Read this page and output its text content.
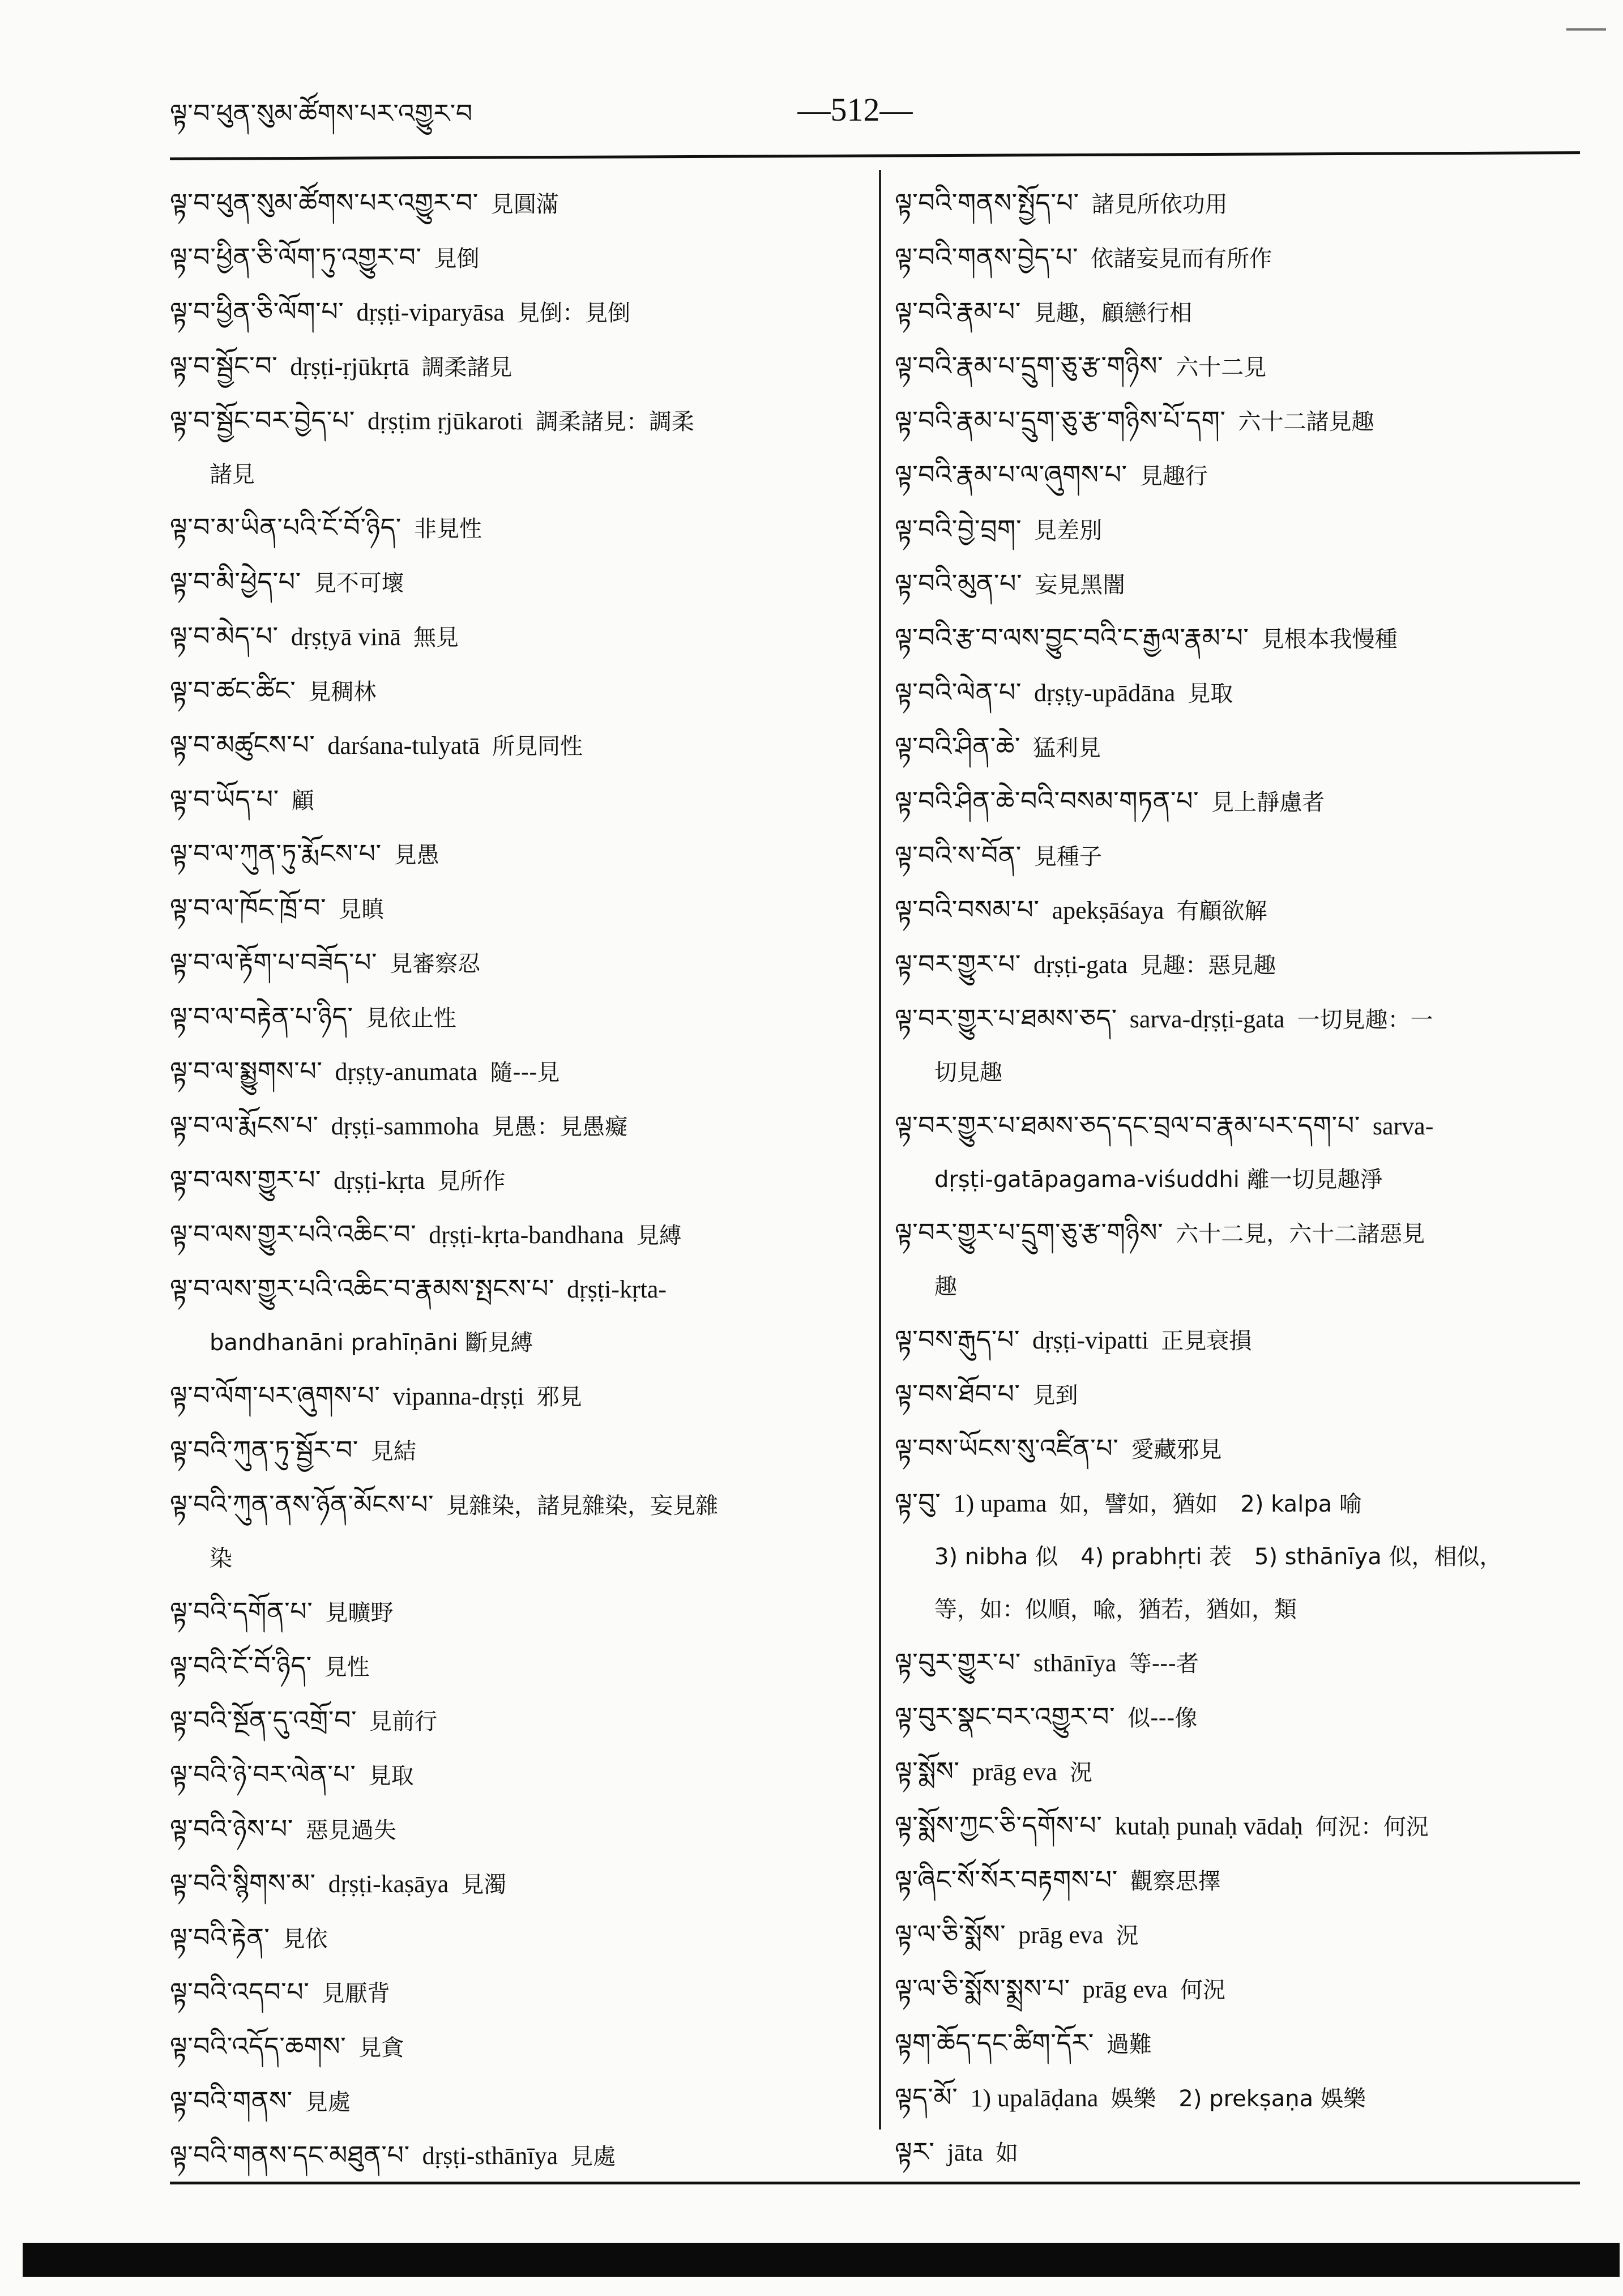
ལྟ་བ་ཕུན་སུམ་ཚོགས་པར་འགྱུར་བ	—512—
ལྟ་བ་ཕུན་སུམ་ཚོགས་པར་འགྱུར་བ་ 見圓滿
ལྟ་བ་ཕྱིན་ཅི་ལོག་ཏུ་འགྱུར་བ་ 見倒
ལྟ་བ་ཕྱིན་ཅི་ལོག་པ་ dṛṣṭi-viparyāsa 見倒：見倒
ལྟ་བ་སྦྱོང་བ་ dṛṣṭi-ṛjūkṛtā 調柔諸見
ལྟ་བ་སྦྱོང་བར་བྱེད་པ་ dṛṣṭim ṛjūkaroti 調柔諸見：調柔
諸見
ལྟ་བ་མ་ཡིན་པའི་ངོ་བོ་ཉིད་ 非見性
ལྟ་བ་མི་ཕྱེད་པ་ 見不可壞
ལྟ་བ་མེད་པ་ dṛṣṭyā vinā 無見
ལྟ་བ་ཚང་ཚིང་ 見稠林
ལྟ་བ་མཚུངས་པ་ darśana-tulyatā 所見同性
ལྟ་བ་ཡོད་པ་ 顧
ལྟ་བ་ལ་ཀུན་ཏུ་རྨོངས་པ་ 見愚
ལྟ་བ་ལ་ཁོང་ཁྲོ་བ་ 見瞋
ལྟ་བ་ལ་རྟོག་པ་བཟོད་པ་ 見審察忍
ལྟ་བ་ལ་བརྟེན་པ་ཉིད་ 見依止性
ལྟ་བ་ལ་སྨྱུགས་པ་ dṛṣṭy-anumata 隨---見
ལྟ་བ་ལ་རྨོངས་པ་ dṛṣṭi-sammoha 見愚：見愚癡
ལྟ་བ་ལས་གྱུར་པ་ dṛṣṭi-kṛta 見所作
ལྟ་བ་ལས་གྱུར་པའི་འཆིང་བ་ dṛṣṭi-kṛta-bandhana 見縛
ལྟ་བ་ལས་གྱུར་པའི་འཆིང་བ་རྣམས་སྤངས་པ་ dṛṣṭi-kṛta-
bandhanāni prahīṇāni 斷見縛
ལྟ་བ་ལོག་པར་ཞུགས་པ་ vipanna-dṛṣṭi 邪見
ལྟ་བའི་ཀུན་ཏུ་སྦྱོར་བ་ 見結
ལྟ་བའི་ཀུན་ནས་ཉོན་མོངས་པ་ 見雜染，諸見雜染，妄見雜
染
ལྟ་བའི་དགོན་པ་ 見曠野
ལྟ་བའི་ངོ་བོ་ཉིད་ 見性
ལྟ་བའི་སྔོན་དུ་འགྲོ་བ་ 見前行
ལྟ་བའི་ཉེ་བར་ལེན་པ་ 見取
ལྟ་བའི་ཉེས་པ་ 惡見過失
ལྟ་བའི་སྙིགས་མ་ dṛṣṭi-kaṣāya 見濁
ལྟ་བའི་རྟེན་ 見依
ལྟ་བའི་འདབ་པ་ 見厭背
ལྟ་བའི་འདོད་ཆགས་ 見貪
ལྟ་བའི་གནས་ 見處
ལྟ་བའི་གནས་དང་མཐུན་པ་ dṛṣṭi-sthānīya 見處
ལྟ་བའི་གནས་སྤྱོད་པ་ 諸見所依功用
ལྟ་བའི་གནས་བྱེད་པ་ 依諸妄見而有所作
ལྟ་བའི་རྣམ་པ་ 見趣，顧戀行相
ལྟ་བའི་རྣམ་པ་དྲུག་ཅུ་རྩ་གཉིས་ 六十二見
ལྟ་བའི་རྣམ་པ་དྲུག་ཅུ་རྩ་གཉིས་པོ་དག་ 六十二諸見趣
ལྟ་བའི་རྣམ་པ་ལ་ཞུགས་པ་ 見趣行
ལྟ་བའི་བྱེ་བྲག་ 見差別
ལྟ་བའི་མུན་པ་ 妄見黑闇
ལྟ་བའི་རྩ་བ་ལས་བྱུང་བའི་ང་རྒྱལ་རྣམ་པ་ 見根本我慢種
ལྟ་བའི་ལེན་པ་ dṛṣṭy-upādāna 見取
ལྟ་བའི་ཤིན་ཆེ་ 猛利見
ལྟ་བའི་ཤིན་ཆེ་བའི་བསམ་གཏན་པ་ 見上靜慮者
ལྟ་བའི་ས་བོན་ 見種子
ལྟ་བའི་བསམ་པ་ apekṣāśaya 有顧欲解
ལྟ་བར་གྱུར་པ་ dṛṣṭi-gata 見趣：惡見趣
ལྟ་བར་གྱུར་པ་ཐམས་ཅད་ sarva-dṛṣṭi-gata 一切見趣：一
切見趣
ལྟ་བར་གྱུར་པ་ཐམས་ཅད་དང་བྲལ་བ་རྣམ་པར་དག་པ་ sarva-
dṛṣṭi-gatāpagama-viśuddhi 離一切見趣淨
ལྟ་བར་གྱུར་པ་དྲུག་ཅུ་རྩ་གཉིས་ 六十二見，六十二諸惡見
趣
ལྟ་བས་རྒུད་པ་ dṛṣṭi-vipatti 正見衰損
ལྟ་བས་ཐོབ་པ་ 見到
ལྟ་བས་ཡོངས་སུ་འཛིན་པ་ 愛藏邪見
ལྟ་བུ་ 1) upama 如，譬如，猶如　2) kalpa 喻
3) nibha 似　4) prabhṛti 䒾　5) sthānīya 似，相似，
等，如：似順，喩，猶若，猶如，類
ལྟ་བུར་གྱུར་པ་ sthānīya 等---者
ལྟ་བུར་སྣང་བར་འགྱུར་བ་ 似---像
ལྟ་སྨོས་ prāg eva 況
ལྟ་སྨོས་ཀྱང་ཅི་དགོས་པ་ kutaḥ punaḥ vādaḥ 何況：何況
ལྟ་ཞིང་སོ་སོར་བརྟགས་པ་ 觀察思擇
ལྟ་ལ་ཅི་སྨོས་ prāg eva 況
ལྟ་ལ་ཅི་སྨོས་སྨྲས་པ་ prāg eva 何況
ལྟག་ཆོད་དང་ཚིག་དོར་ 過難
ལྟད་མོ་ 1) upalāḍana 娛樂　2) prekṣaṇa 娛樂
ལྟར་ jāta 如
